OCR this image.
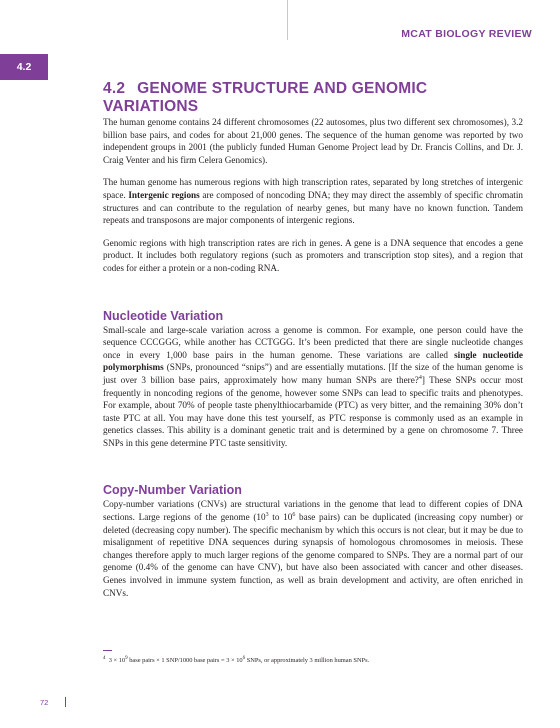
MCAT BIOLOGY REVIEW
4.2
4.2 GENOME STRUCTURE AND GENOMIC VARIATIONS

The human genome contains 24 different chromosomes (22 autosomes, plus two different sex chromosomes), 3.2 billion base pairs, and codes for about 21,000 genes. The sequence of the human genome was reported by two independent groups in 2001 (the publicly funded Human Genome Project lead by Dr. Francis Collins, and Dr. J. Craig Venter and his firm Celera Genomics).

The human genome has numerous regions with high transcription rates, separated by long stretches of intergenic space. Intergenic regions are composed of noncoding DNA; they may direct the assembly of specific chromatin structures and can contribute to the regulation of nearby genes, but many have no known function. Tandem repeats and transposons are major components of intergenic regions.

Genomic regions with high transcription rates are rich in genes. A gene is a DNA sequence that encodes a gene product. It includes both regulatory regions (such as promoters and transcription stop sites), and a region that codes for either a protein or a non-coding RNA.

Nucleotide Variation

Small-scale and large-scale variation across a genome is common. For example, one person could have the sequence CCCGGG, while another has CCTGGG. It’s been predicted that there are single nucleotide changes once in every 1,000 base pairs in the human genome. These variations are called single nucleotide polymorphisms (SNPs, pronounced “snips”) and are essentially mutations. [If the size of the human genome is just over 3 billion base pairs, approximately how many human SNPs are there?$^4$] These SNPs occur most frequently in noncoding regions of the genome, however some SNPs can lead to specific traits and phenotypes. For example, about 70% of people taste phenylthiocarbamide (PTC) as very bitter, and the remaining 30% don’t taste PTC at all. You may have done this test yourself, as PTC response is commonly used as an example in genetics classes. This ability is a dominant genetic trait and is determined by a gene on chromosome 7. Three SNPs in this gene determine PTC taste sensitivity.

Copy-Number Variation

Copy-number variations (CNVs) are structural variations in the genome that lead to different copies of DNA sections. Large regions of the genome ($10^3$ to $10^6$ base pairs) can be duplicated (increasing copy number) or deleted (decreasing copy number). The specific mechanism by which this occurs is not clear, but it may be due to misalignment of repetitive DNA sequences during synapsis of homologous chromosomes in meiosis. These changes therefore apply to much larger regions of the genome compared to SNPs. They are a normal part of our genome (0.4% of the genome can have CNV), but have also been associated with cancer and other diseases. Genes involved in immune system function, as well as brain development and activity, are often enriched in CNVs.

$^4$ $3 \times 10^9$ base pairs × 1 SNP/1000 base pairs = $3 \times 10^6$ SNPs, or approximately 3 million human SNPs.
72
